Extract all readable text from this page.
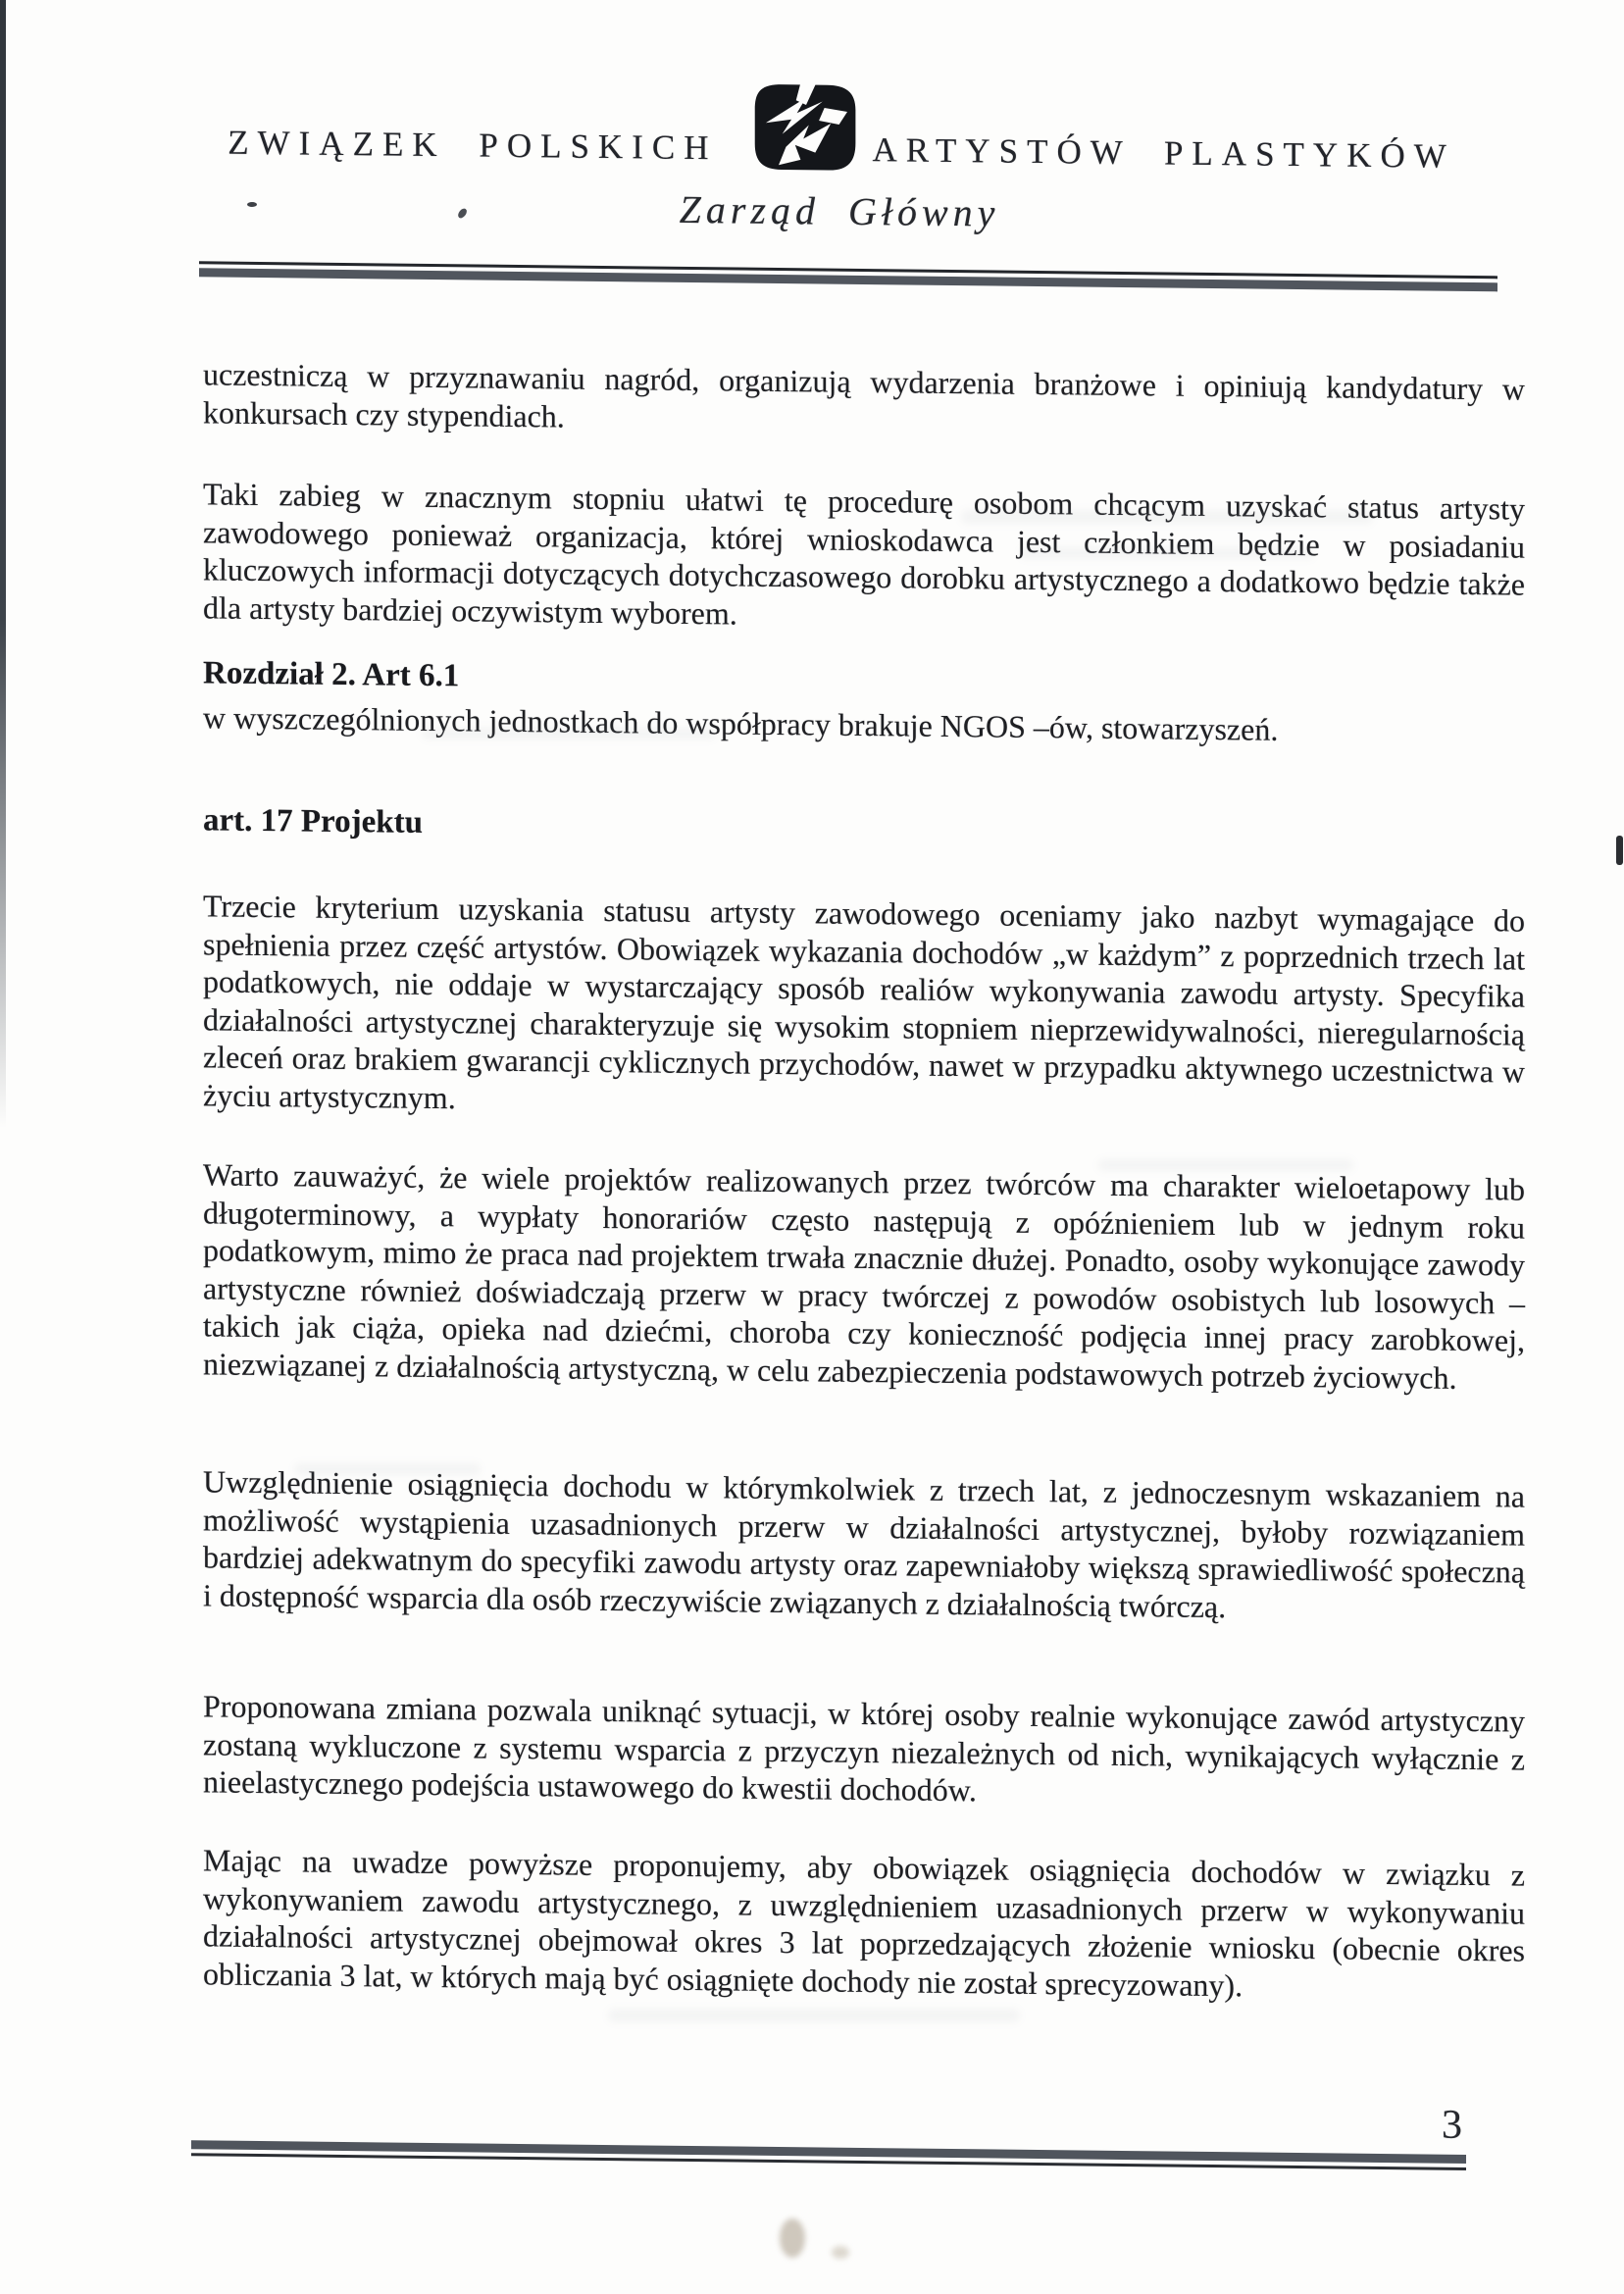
ZWIĄZEK POLSKICH	ARTYSTÓW PLASTYKÓW
Zarząd Główny

uczestniczą w przyznawaniu nagród, organizują wydarzenia branżowe i opiniują kandydatury w konkursach czy stypendiach.

Taki zabieg w znacznym stopniu ułatwi tę procedurę osobom chcącym uzyskać status artysty zawodowego ponieważ organizacja, której wnioskodawca jest członkiem będzie w posiadaniu kluczowych informacji dotyczących dotychczasowego dorobku artystycznego a dodatkowo będzie także dla artysty bardziej oczywistym wyborem.

Rozdział 2. Art 6.1

w wyszczególnionych jednostkach do współpracy brakuje NGOS –ów, stowarzyszeń.

art. 17 Projektu

Trzecie kryterium uzyskania statusu artysty zawodowego oceniamy jako nazbyt wymagające do spełnienia przez część artystów. Obowiązek wykazania dochodów „w każdym” z poprzednich trzech lat podatkowych, nie oddaje w wystarczający sposób realiów wykonywania zawodu artysty. Specyfika działalności artystycznej charakteryzuje się wysokim stopniem nieprzewidywalności, nieregularnością zleceń oraz brakiem gwarancji cyklicznych przychodów, nawet w przypadku aktywnego uczestnictwa w życiu artystycznym.

Warto zauważyć, że wiele projektów realizowanych przez twórców ma charakter wieloetapowy lub długoterminowy, a wypłaty honorariów często następują z opóźnieniem lub w jednym roku podatkowym, mimo że praca nad projektem trwała znacznie dłużej. Ponadto, osoby wykonujące zawody artystyczne również doświadczają przerw w pracy twórczej z powodów osobistych lub losowych – takich jak ciąża, opieka nad dziećmi, choroba czy konieczność podjęcia innej pracy zarobkowej, niezwiązanej z działalnością artystyczną, w celu zabezpieczenia podstawowych potrzeb życiowych.

Uwzględnienie osiągnięcia dochodu w którymkolwiek z trzech lat, z jednoczesnym wskazaniem na możliwość wystąpienia uzasadnionych przerw w działalności artystycznej, byłoby rozwiązaniem bardziej adekwatnym do specyfiki zawodu artysty oraz zapewniałoby większą sprawiedliwość społeczną i dostępność wsparcia dla osób rzeczywiście związanych z działalnością twórczą.

Proponowana zmiana pozwala uniknąć sytuacji, w której osoby realnie wykonujące zawód artystyczny zostaną wykluczone z systemu wsparcia z przyczyn niezależnych od nich, wynikających wyłącznie z nieelastycznego podejścia ustawowego do kwestii dochodów.

Mając na uwadze powyższe proponujemy, aby obowiązek osiągnięcia dochodów w związku z wykonywaniem zawodu artystycznego, z uwzględnieniem uzasadnionych przerw w wykonywaniu działalności artystycznej obejmował okres 3 lat poprzedzających złożenie wniosku (obecnie okres obliczania 3 lat, w których mają być osiągnięte dochody nie został sprecyzowany).

3
